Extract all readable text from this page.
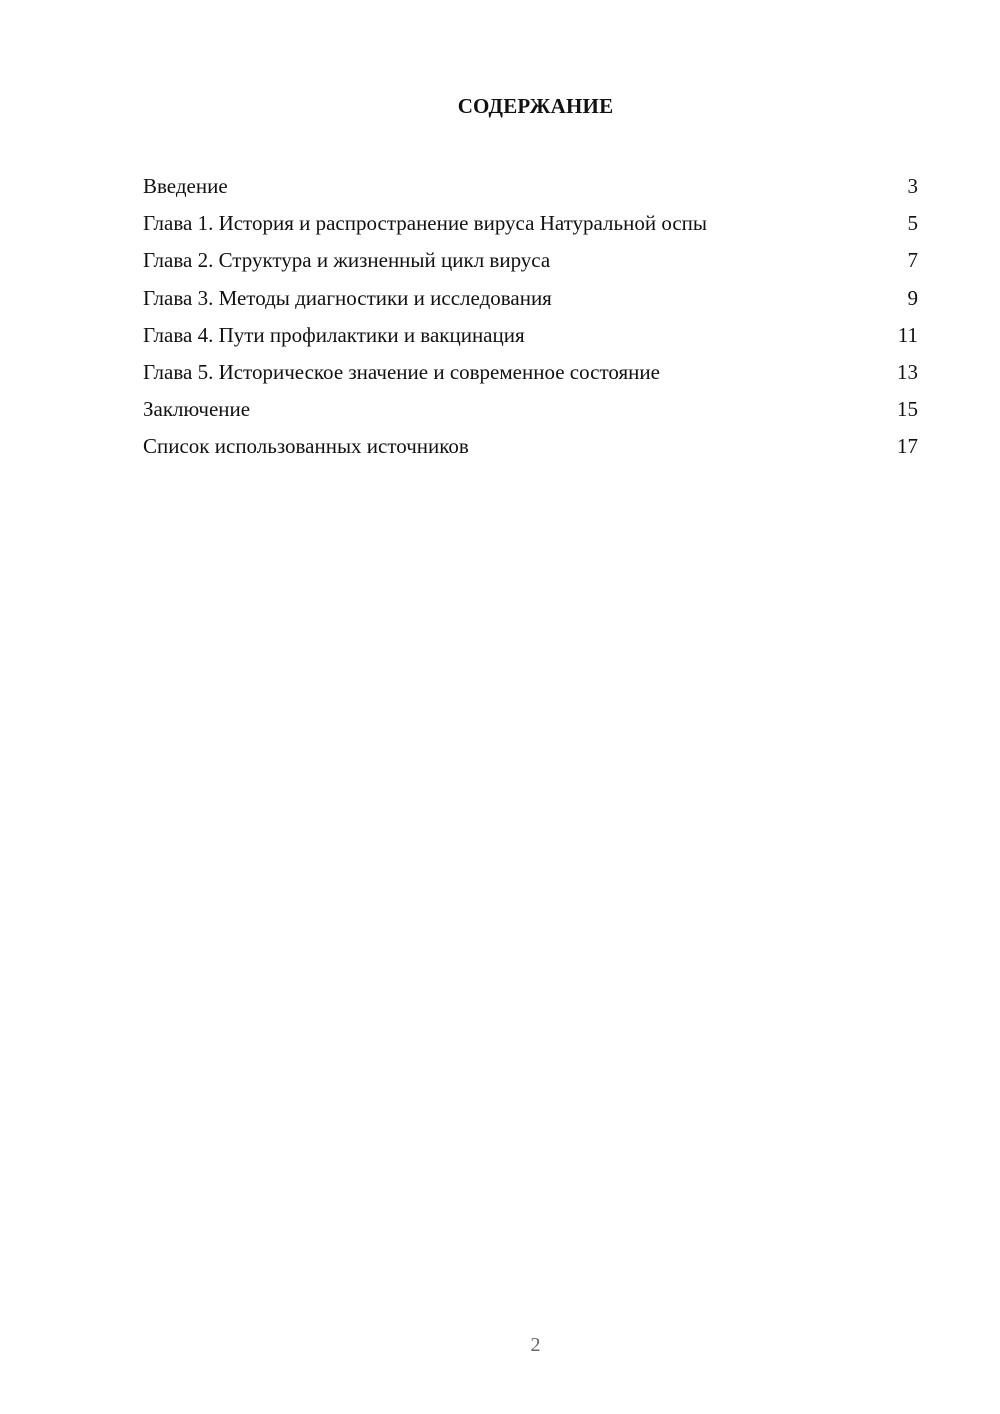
СОДЕРЖАНИЕ
Введение	3
Глава 1. История и распространение вируса Натуральной оспы	5
Глава 2. Структура и жизненный цикл вируса	7
Глава 3. Методы диагностики и исследования	9
Глава 4. Пути профилактики и вакцинация	11
Глава 5. Историческое значение и современное состояние	13
Заключение	15
Список использованных источников	17
2
